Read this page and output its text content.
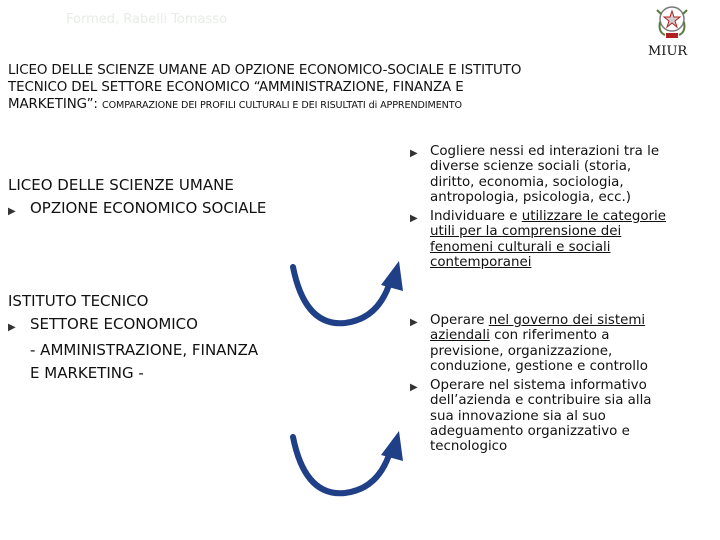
Formed, Rabelli Tomasso
MIUR
LICEO DELLE SCIENZE UMANE AD OPZIONE ECONOMICO-SOCIALE E ISTITUTO
TECNICO DEL SETTORE ECONOMICO “AMMINISTRAZIONE, FINANZA E
MARKETING”: COMPARAZIONE DEI PROFILI CULTURALI E DEI RISULTATI di APPRENDIMENTO
LICEO DELLE SCIENZE UMANE
▶ OPZIONE ECONOMICO SOCIALE
ISTITUTO TECNICO
▶ SETTORE ECONOMICO
- AMMINISTRAZIONE, FINANZA
E MARKETING -
▶ Cogliere nessi ed interazioni tra le
diverse scienze sociali (storia,
diritto, economia, sociologia,
antropologia, psicologia, ecc.)
▶ Individuare e utilizzare le categorie
utili per la comprensione dei
fenomeni culturali e sociali
contemporanei
▶ Operare nel governo dei sistemi
aziendali con riferimento a
previsione, organizzazione,
conduzione, gestione e controllo
▶ Operare nel sistema informativo
dell’azienda e contribuire sia alla
sua innovazione sia al suo
adeguamento organizzativo e
tecnologico
